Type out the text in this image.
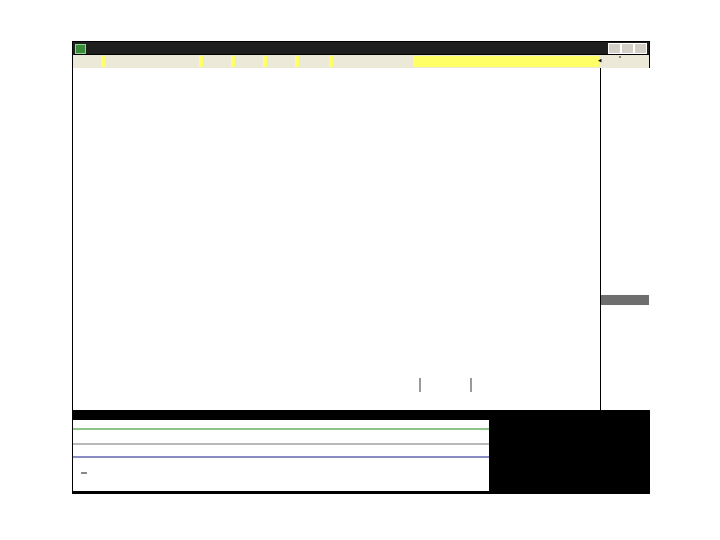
◂
